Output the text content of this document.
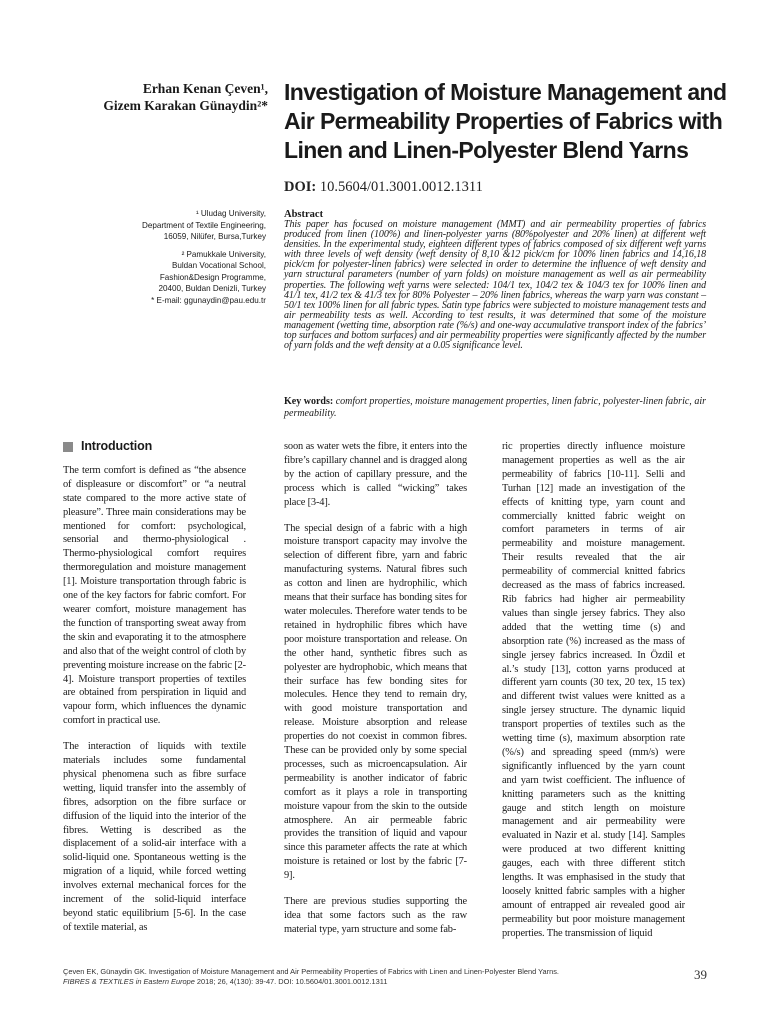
Erhan Kenan Çeven¹,
Gizem Karakan Günaydin²*
Investigation of Moisture Management and Air Permeability Properties of Fabrics with Linen and Linen-Polyester Blend Yarns
DOI: 10.5604/01.3001.0012.1311
¹ Uludag University,
Department of Textile Engineering,
16059, Nilüfer, Bursa,Turkey
² Pamukkale University,
Buldan Vocational School,
Fashion&Design Programme,
20400, Buldan Denizli, Turkey
* E-mail: ggunaydin@pau.edu.tr
Abstract

This paper has focused on moisture management (MMT) and air permeability properties of fabrics produced from linen (100%) and linen-polyester yarns (80%polyester and 20% linen) at different weft densities. In the experimental study, eighteen different types of fabrics composed of six different weft yarns with three levels of weft density (weft density of 8,10 &12 pick/cm for 100% linen fabrics and 14,16,18 pick/cm for polyester-linen fabrics) were selected in order to determine the influence of weft density and yarn structural parameters (number of yarn folds) on moisture management as well as air permeability properties. The following weft yarns were selected: 104/1 tex, 104/2 tex & 104/3 tex for 100% linen and 41/1 tex, 41/2 tex & 41/3 tex for 80% Polyester – 20% linen fabrics, whereas the warp yarn was constant – 50/1 tex 100% linen for all fabric types. Satin type fabrics were subjected to moisture management tests and air permeability tests as well. According to test results, it was determined that some of the moisture management (wetting time, absorption rate (%/s) and one-way accumulative transport index of the fabrics’ top surfaces and bottom surfaces) and air permeability properties were significantly affected by the number of yarn folds and the weft density at a 0.05 significance level.

Key words: comfort properties, moisture management properties, linen fabric, polyester-linen fabric, air permeability.
Introduction

The term comfort is defined as “the absence of displeasure or discomfort” or “a neutral state compared to the more active state of pleasure”. Three main considerations may be mentioned for comfort: psychological, sensorial and thermo-physiological . Thermo-physiological comfort requires thermoregulation and moisture management [1]. Moisture transportation through fabric is one of the key factors for fabric comfort. For wearer comfort, moisture management has the function of transporting sweat away from the skin and evaporating it to the atmosphere and also that of the weight control of cloth by preventing moisture increase on the fabric [2-4]. Moisture transport properties of textiles are obtained from perspiration in liquid and vapour form, which influences the dynamic comfort in practical use.

The interaction of liquids with textile materials includes some fundamental physical phenomena such as fibre surface wetting, liquid transfer into the assembly of fibres, adsorption on the fibre surface or diffusion of the liquid into the interior of the fibres. Wetting is described as the displacement of a solid-air interface with a solid-liquid one. Spontaneous wetting is the migration of a liquid, while forced wetting involves external mechanical forces for the increment of the solid-liquid interface beyond static equilibrium [5-6]. In the case of textile material, as

soon as water wets the fibre, it enters into the fibre’s capillary channel and is dragged along by the action of capillary pressure, and the process which is called “wicking” takes place [3-4].

The special design of a fabric with a high moisture transport capacity may involve the selection of different fibre, yarn and fabric manufacturing systems. Natural fibres such as cotton and linen are hydrophilic, which means that their surface has bonding sites for water molecules. Therefore water tends to be retained in hydrophilic fibres which have poor moisture transportation and release. On the other hand, synthetic fibres such as polyester are hydrophobic, which means that their surface has few bonding sites for molecules. Hence they tend to remain dry, with good moisture transportation and release. Moisture absorption and release properties do not coexist in common fibres. These can be provided only by some special processes, such as microencapsulation. Air permeability is another indicator of fabric comfort as it plays a role in transporting moisture vapour from the skin to the outside atmosphere. An air permeable fabric provides the transition of liquid and vapour since this parameter affects the rate at which moisture is retained or lost by the fabric [7-9].

There are previous studies supporting the idea that some factors such as the raw material type, yarn structure and some fab-

ric properties directly influence moisture management properties as well as the air permeability of fabrics [10-11]. Selli and Turhan [12] made an investigation of the effects of knitting type, yarn count and commercially knitted fabric weight on comfort parameters in terms of air permeability and moisture management. Their results revealed that the air permeability of commercial knitted fabrics decreased as the mass of fabrics increased. Rib fabrics had higher air permeability values than single jersey fabrics. They also added that the wetting time (s) and absorption rate (%) increased as the mass of single jersey fabrics increased. In Özdil et al.’s study [13], cotton yarns produced at different yarn counts (30 tex, 20 tex, 15 tex) and different twist values were knitted as a single jersey structure. The dynamic liquid transport properties of textiles such as the wetting time (s), maximum absorption rate (%/s) and spreading speed (mm/s) were significantly influenced by the yarn count and yarn twist coefficient. The influence of knitting parameters such as the knitting gauge and stitch length on moisture management and air permeability were evaluated in Nazir et al. study [14]. Samples were produced at two different knitting gauges, each with three different stitch lengths. It was emphasised in the study that loosely knitted fabric samples with a higher amount of entrapped air revealed good air permeability but poor moisture management properties. The transmission of liquid

Çeven EK, Günaydin GK. Investigation of Moisture Management and Air Permeability Properties of Fabrics with Linen and Linen-Polyester Blend Yarns.
FIBRES & TEXTILES in Eastern Europe 2018; 26, 4(130): 39-47. DOI: 10.5604/01.3001.0012.1311	39
